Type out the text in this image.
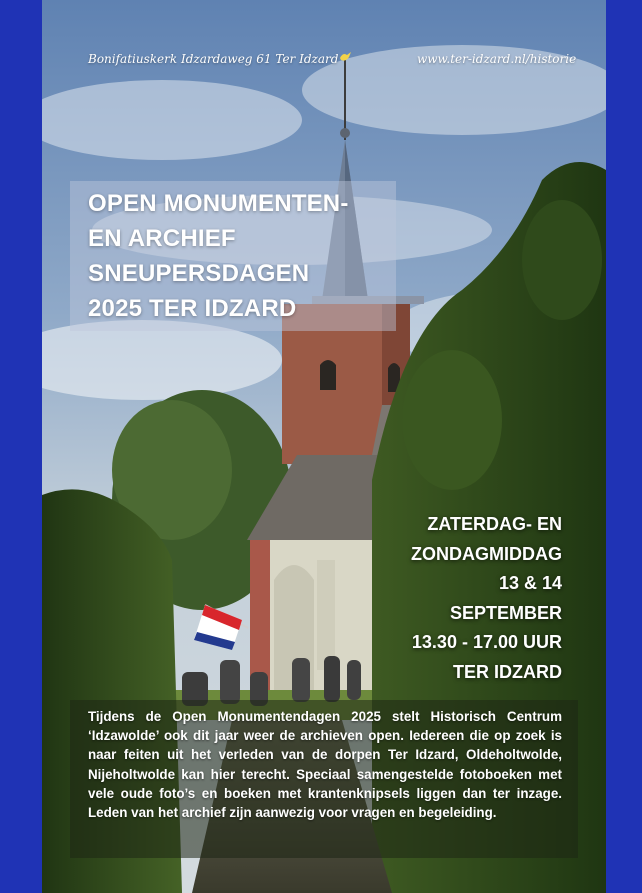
Bonifatiuskerk Idzardaweg 61 Ter Idzard	www.ter-idzard.nl/historie
OPEN MONUMENTEN-
EN ARCHIEF
SNEUPERSDAGEN
2025 TER IDZARD
ZATERDAG- EN
ZONDAGMIDDAG
13 & 14
SEPTEMBER
13.30 - 17.00 UUR
TER IDZARD
Tijdens de Open Monumentendagen 2025 stelt Historisch Centrum ‘Idzawolde’ ook dit jaar weer de archieven open. Iedereen die op zoek is naar feiten uit het verleden van de dorpen Ter Idzard, Oldeholtwolde, Nijeholtwolde kan hier terecht. Speciaal samengestelde fotoboeken met vele oude foto’s en boeken met krantenknipsels liggen dan ter inzage. Leden van het archief zijn aanwezig voor vragen en begeleiding.
